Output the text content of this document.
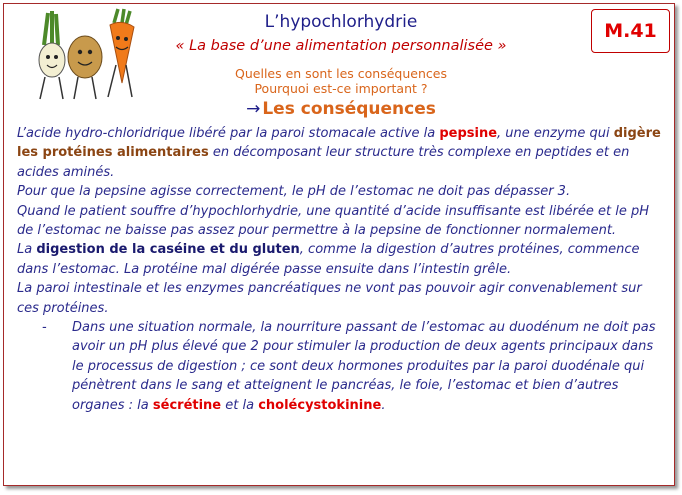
L’hypochlorhydrie
« La base d’une alimentation personnalisée »
Quelles en sont les conséquences
Pourquoi est-ce important ?
→ Les conséquences
M.41

L’acide hydro-chloridrique libéré par la paroi stomacale active la pepsine, une enzyme qui digère les protéines alimentaires en décomposant leur structure très complexe en peptides et en acides aminés.

Pour que la pepsine agisse correctement, le pH de l’estomac ne doit pas dépasser 3.

Quand le patient souffre d’hypochlorhydrie, une quantité d’acide insuffisante est libérée et le pH de l’estomac ne baisse pas assez pour permettre à la pepsine de fonctionner normalement.

La digestion de la caséine et du gluten, comme la digestion d’autres protéines, commence dans l’estomac. La protéine mal digérée passe ensuite dans l’intestin grêle.

La paroi intestinale et les enzymes pancréatiques ne vont pas pouvoir agir convenablement sur ces protéines.

-	Dans une situation normale, la nourriture passant de l’estomac au duodénum ne doit pas avoir un pH plus élevé que 2 pour stimuler la production de deux agents principaux dans le processus de digestion ; ce sont deux hormones produites par la paroi duodénale qui pénètrent dans le sang et atteignent le pancréas, le foie, l’estomac et bien d’autres organes : la sécrétine et la cholécystokinine.
